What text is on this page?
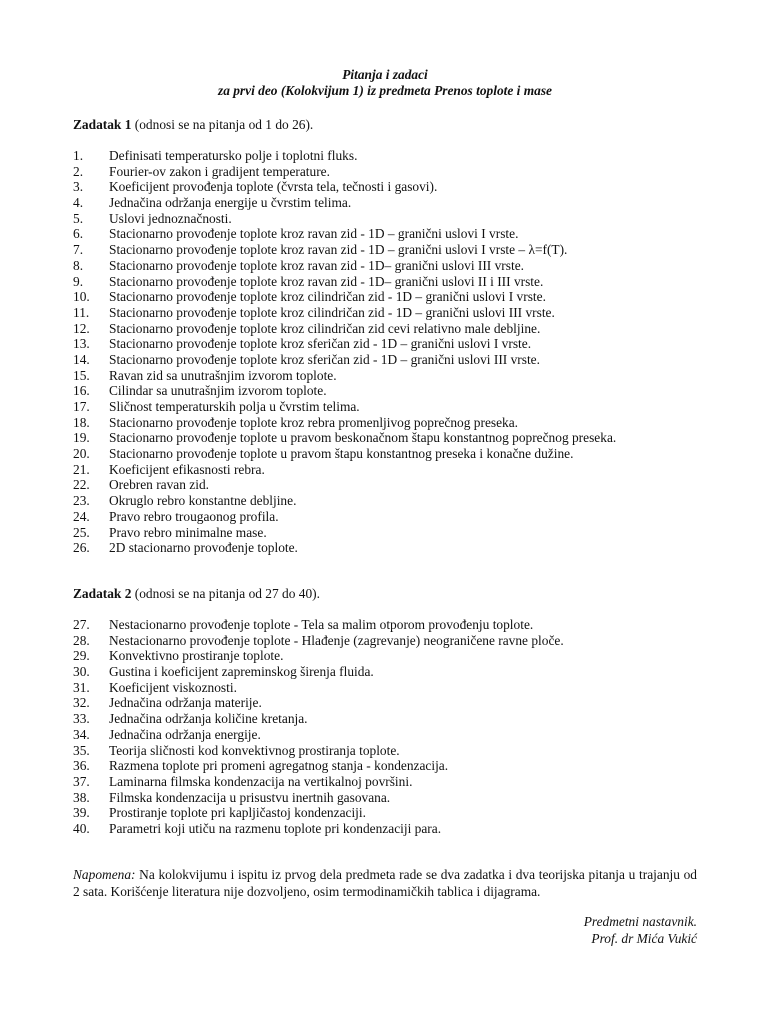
Pitanja i zadaci
za prvi deo (Kolokvijum 1) iz predmeta Prenos toplote i mase
Zadatak 1 (odnosi se na pitanja od 1 do 26).
1. Definisati temperatursko polje i toplotni fluks.
2. Fourier-ov zakon i gradijent temperature.
3. Koeficijent provođenja toplote (čvrsta tela, tečnosti i gasovi).
4. Jednačina održanja energije u čvrstim telima.
5. Uslovi jednoznačnosti.
6. Stacionarno provođenje toplote kroz ravan zid - 1D – granični uslovi I vrste.
7. Stacionarno provođenje toplote kroz ravan zid - 1D – granični uslovi I vrste – λ=f(T).
8. Stacionarno provođenje toplote kroz ravan zid - 1D– granični uslovi III vrste.
9. Stacionarno provođenje toplote kroz ravan zid - 1D– granični uslovi II i III vrste.
10. Stacionarno provođenje toplote kroz cilindričan zid - 1D – granični uslovi I vrste.
11. Stacionarno provođenje toplote kroz cilindričan zid - 1D – granični uslovi III vrste.
12. Stacionarno provođenje toplote kroz cilindričan zid cevi relativno male debljine.
13. Stacionarno provođenje toplote kroz sferičan zid - 1D – granični uslovi I vrste.
14. Stacionarno provođenje toplote kroz sferičan zid - 1D – granični uslovi III vrste.
15. Ravan zid sa unutrašnjim izvorom toplote.
16. Cilindar sa unutrašnjim izvorom toplote.
17. Sličnost temperaturskih polja u čvrstim telima.
18. Stacionarno provođenje toplote kroz rebra promenljivog poprečnog preseka.
19. Stacionarno provođenje toplote u pravom beskonačnom štapu konstantnog poprečnog preseka.
20. Stacionarno provođenje toplote u pravom štapu konstantnog preseka i konačne dužine.
21. Koeficijent efikasnosti rebra.
22. Orebren ravan zid.
23. Okruglo rebro konstantne debljine.
24. Pravo rebro trougaonog profila.
25. Pravo rebro minimalne mase.
26. 2D stacionarno provođenje toplote.
Zadatak 2 (odnosi se na pitanja od 27 do 40).
27. Nestacionarno provođenje toplote - Tela sa malim otporom provođenju toplote.
28. Nestacionarno provođenje toplote - Hlađenje (zagrevanje) neograničene ravne ploče.
29. Konvektivno prostiranje toplote.
30. Gustina i koeficijent zapreminskog širenja fluida.
31. Koeficijent viskoznosti.
32. Jednačina održanja materije.
33. Jednačina održanja količine kretanja.
34. Jednačina održanja energije.
35. Teorija sličnosti kod konvektivnog prostiranja toplote.
36. Razmena toplote pri promeni agregatnog stanja - kondenzacija.
37. Laminarna filmska kondenzacija na vertikalnoj površini.
38. Filmska kondenzacija u prisustvu inertnih gasovana.
39. Prostiranje toplote pri kapljičastoj kondenzaciji.
40. Parametri koji utiču na razmenu toplote pri kondenzaciji para.
Napomena: Na kolokvijumu i ispitu iz prvog dela predmeta rade se dva zadatka i dva teorijska pitanja u trajanju od 2 sata. Korišćenje literatura nije dozvoljeno, osim termodinamičkih tablica i dijagrama.
Predmetni nastavnik.
Prof. dr Mića Vukić
